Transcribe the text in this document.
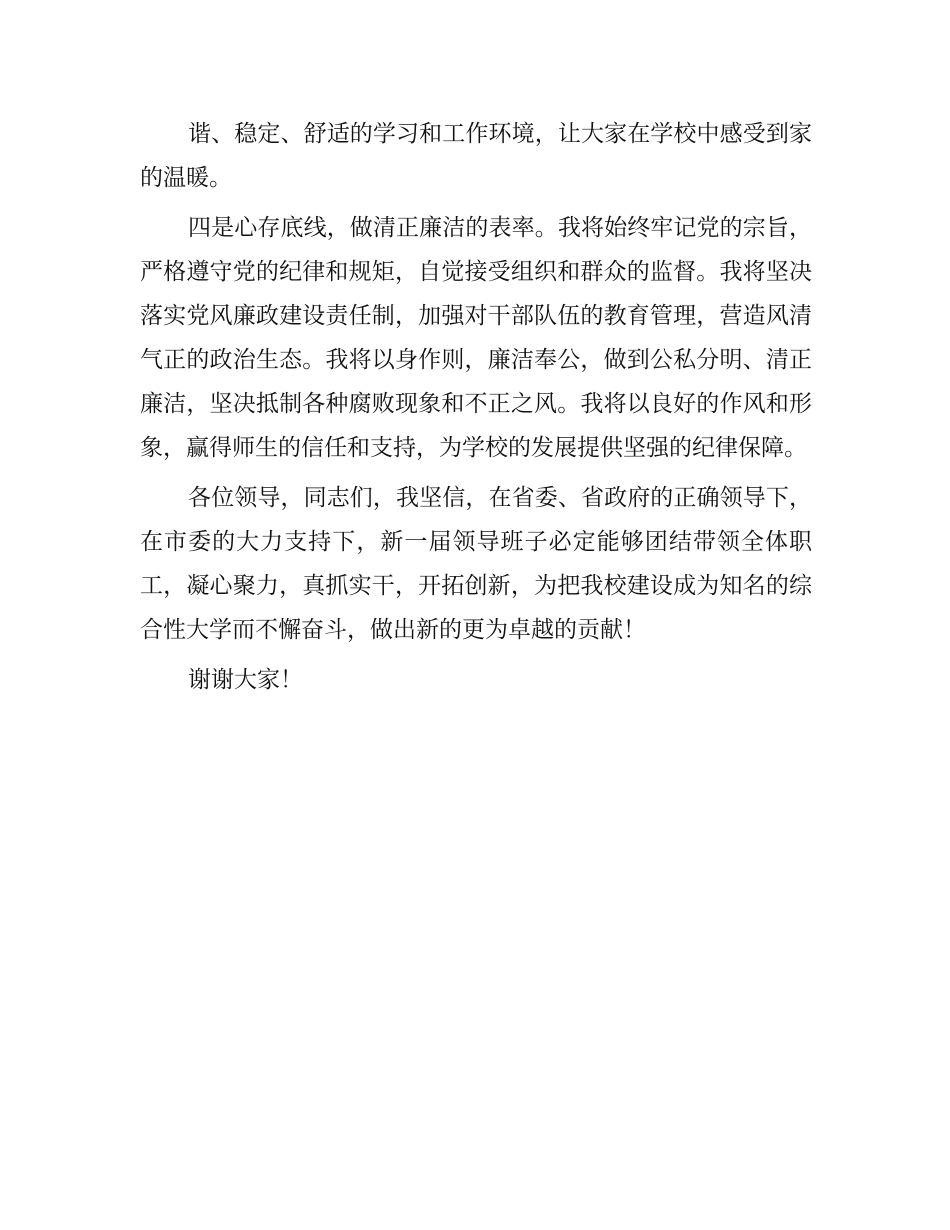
谐、稳定、舒适的学习和工作环境，让大家在学校中感受到家的温暖。

四是心存底线，做清正廉洁的表率。我将始终牢记党的宗旨，严格遵守党的纪律和规矩，自觉接受组织和群众的监督。我将坚决落实党风廉政建设责任制，加强对干部队伍的教育管理，营造风清气正的政治生态。我将以身作则，廉洁奉公，做到公私分明、清正廉洁，坚决抵制各种腐败现象和不正之风。我将以良好的作风和形象，赢得师生的信任和支持，为学校的发展提供坚强的纪律保障。

各位领导，同志们，我坚信，在省委、省政府的正确领导下，在市委的大力支持下，新一届领导班子必定能够团结带领全体职工，凝心聚力，真抓实干，开拓创新，为把我校建设成为知名的综合性大学而不懈奋斗，做出新的更为卓越的贡献！

谢谢大家！
